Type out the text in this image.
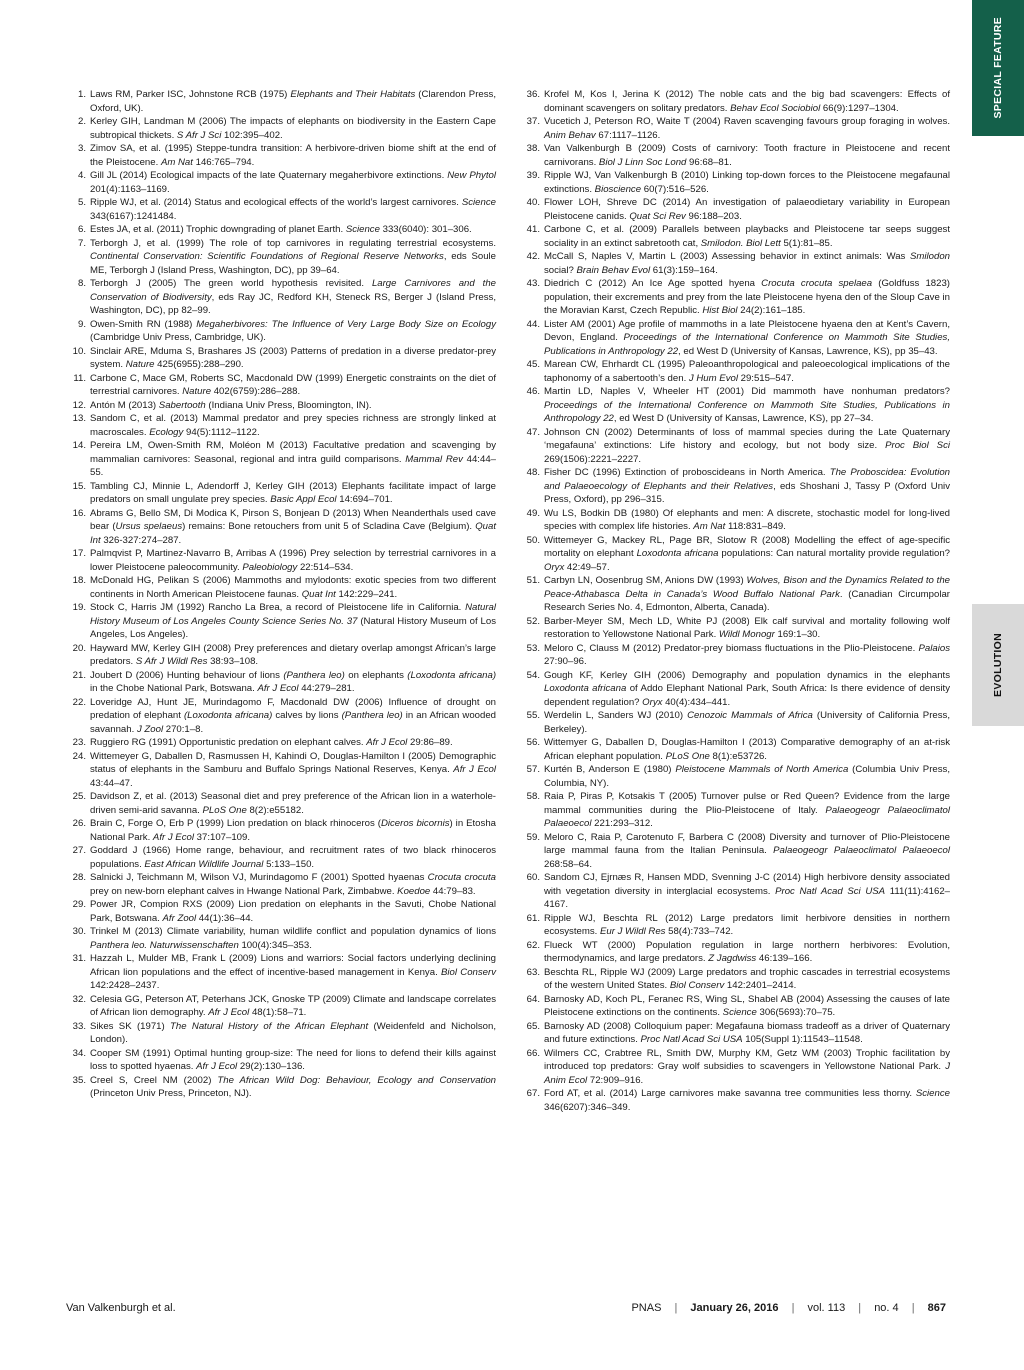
SPECIAL FEATURE
EVOLUTION
1. Laws RM, Parker ISC, Johnstone RCB (1975) Elephants and Their Habitats (Clarendon Press, Oxford, UK).
2. Kerley GIH, Landman M (2006) The impacts of elephants on biodiversity in the Eastern Cape subtropical thickets. S Afr J Sci 102:395–402.
3. Zimov SA, et al. (1995) Steppe-tundra transition: A herbivore-driven biome shift at the end of the Pleistocene. Am Nat 146:765–794.
4. Gill JL (2014) Ecological impacts of the late Quaternary megaherbivore extinctions. New Phytol 201(4):1163–1169.
5. Ripple WJ, et al. (2014) Status and ecological effects of the world’s largest carnivores. Science 343(6167):1241484.
6. Estes JA, et al. (2011) Trophic downgrading of planet Earth. Science 333(6040): 301–306.
7. Terborgh J, et al. (1999) The role of top carnivores in regulating terrestrial ecosystems. Continental Conservation: Scientific Foundations of Regional Reserve Networks, eds Soule ME, Terborgh J (Island Press, Washington, DC), pp 39–64.
8. Terborgh J (2005) The green world hypothesis revisited. Large Carnivores and the Conservation of Biodiversity, eds Ray JC, Redford KH, Steneck RS, Berger J (Island Press, Washington, DC), pp 82–99.
9. Owen-Smith RN (1988) Megaherbivores: The Influence of Very Large Body Size on Ecology (Cambridge Univ Press, Cambridge, UK).
10. Sinclair ARE, Mduma S, Brashares JS (2003) Patterns of predation in a diverse predator-prey system. Nature 425(6955):288–290.
11. Carbone C, Mace GM, Roberts SC, Macdonald DW (1999) Energetic constraints on the diet of terrestrial carnivores. Nature 402(6759):286–288.
12. Antón M (2013) Sabertooth (Indiana Univ Press, Bloomington, IN).
13. Sandom C, et al. (2013) Mammal predator and prey species richness are strongly linked at macroscales. Ecology 94(5):1112–1122.
14. Pereira LM, Owen-Smith RM, Moléon M (2013) Facultative predation and scavenging by mammalian carnivores: Seasonal, regional and intra guild comparisons. Mammal Rev 44:44–55.
15. Tambling CJ, Minnie L, Adendorff J, Kerley GIH (2013) Elephants facilitate impact of large predators on small ungulate prey species. Basic Appl Ecol 14:694–701.
16. Abrams G, Bello SM, Di Modica K, Pirson S, Bonjean D (2013) When Neanderthals used cave bear (Ursus spelaeus) remains: Bone retouchers from unit 5 of Scladina Cave (Belgium). Quat Int 326-327:274–287.
17. Palmqvist P, Martinez-Navarro B, Arribas A (1996) Prey selection by terrestrial carnivores in a lower Pleistocene paleocommunity. Paleobiology 22:514–534.
18. McDonald HG, Pelikan S (2006) Mammoths and mylodonts: exotic species from two different continents in North American Pleistocene faunas. Quat Int 142:229–241.
19. Stock C, Harris JM (1992) Rancho La Brea, a record of Pleistocene life in California. Natural History Museum of Los Angeles County Science Series No. 37 (Natural History Museum of Los Angeles, Los Angeles).
20. Hayward MW, Kerley GIH (2008) Prey preferences and dietary overlap amongst African’s large predators. S Afr J Wildl Res 38:93–108.
21. Joubert D (2006) Hunting behaviour of lions (Panthera leo) on elephants (Loxodonta africana) in the Chobe National Park, Botswana. Afr J Ecol 44:279–281.
22. Loveridge AJ, Hunt JE, Murindagomo F, Macdonald DW (2006) Influence of drought on predation of elephant (Loxodonta africana) calves by lions (Panthera leo) in an African wooded savannah. J Zool 270:1–8.
23. Ruggiero RG (1991) Opportunistic predation on elephant calves. Afr J Ecol 29:86–89.
24. Wittemeyer G, Daballen D, Rasmussen H, Kahindi O, Douglas-Hamilton I (2005) Demographic status of elephants in the Samburu and Buffalo Springs National Reserves, Kenya. Afr J Ecol 43:44–47.
25. Davidson Z, et al. (2013) Seasonal diet and prey preference of the African lion in a waterhole-driven semi-arid savanna. PLoS One 8(2):e55182.
26. Brain C, Forge O, Erb P (1999) Lion predation on black rhinoceros (Diceros bicornis) in Etosha National Park. Afr J Ecol 37:107–109.
27. Goddard J (1966) Home range, behaviour, and recruitment rates of two black rhinoceros populations. East African Wildlife Journal 5:133–150.
28. Salnicki J, Teichmann M, Wilson VJ, Murindagomo F (2001) Spotted hyaenas Crocuta crocuta prey on new-born elephant calves in Hwange National Park, Zimbabwe. Koedoe 44:79–83.
29. Power JR, Compion RXS (2009) Lion predation on elephants in the Savuti, Chobe National Park, Botswana. Afr Zool 44(1):36–44.
30. Trinkel M (2013) Climate variability, human wildlife conflict and population dynamics of lions Panthera leo. Naturwissenschaften 100(4):345–353.
31. Hazzah L, Mulder MB, Frank L (2009) Lions and warriors: Social factors underlying declining African lion populations and the effect of incentive-based management in Kenya. Biol Conserv 142:2428–2437.
32. Celesia GG, Peterson AT, Peterhans JCK, Gnoske TP (2009) Climate and landscape correlates of African lion demography. Afr J Ecol 48(1):58–71.
33. Sikes SK (1971) The Natural History of the African Elephant (Weidenfeld and Nicholson, London).
34. Cooper SM (1991) Optimal hunting group-size: The need for lions to defend their kills against loss to spotted hyaenas. Afr J Ecol 29(2):130–136.
35. Creel S, Creel NM (2002) The African Wild Dog: Behaviour, Ecology and Conservation (Princeton Univ Press, Princeton, NJ).
36. Krofel M, Kos I, Jerina K (2012) The noble cats and the big bad scavengers: Effects of dominant scavengers on solitary predators. Behav Ecol Sociobiol 66(9):1297–1304.
37. Vucetich J, Peterson RO, Waite T (2004) Raven scavenging favours group foraging in wolves. Anim Behav 67:1117–1126.
38. Van Valkenburgh B (2009) Costs of carnivory: Tooth fracture in Pleistocene and recent carnivorans. Biol J Linn Soc Lond 96:68–81.
39. Ripple WJ, Van Valkenburgh B (2010) Linking top-down forces to the Pleistocene megafaunal extinctions. Bioscience 60(7):516–526.
40. Flower LOH, Shreve DC (2014) An investigation of palaeodietary variability in European Pleistocene canids. Quat Sci Rev 96:188–203.
41. Carbone C, et al. (2009) Parallels between playbacks and Pleistocene tar seeps suggest sociality in an extinct sabretooth cat, Smilodon. Biol Lett 5(1):81–85.
42. McCall S, Naples V, Martin L (2003) Assessing behavior in extinct animals: Was Smilodon social? Brain Behav Evol 61(3):159–164.
43. Diedrich C (2012) An Ice Age spotted hyena Crocuta crocuta spelaea (Goldfuss 1823) population, their excrements and prey from the late Pleistocene hyena den of the Sloup Cave in the Moravian Karst, Czech Republic. Hist Biol 24(2):161–185.
44. Lister AM (2001) Age profile of mammoths in a late Pleistocene hyaena den at Kent’s Cavern, Devon, England. Proceedings of the International Conference on Mammoth Site Studies, Publications in Anthropology 22, ed West D (University of Kansas, Lawrence, KS), pp 35–43.
45. Marean CW, Ehrhardt CL (1995) Paleoanthropological and paleoecological implications of the taphonomy of a sabertooth’s den. J Hum Evol 29:515–547.
46. Martin LD, Naples V, Wheeler HT (2001) Did mammoth have nonhuman predators? Proceedings of the International Conference on Mammoth Site Studies, Publications in Anthropology 22, ed West D (University of Kansas, Lawrence, KS), pp 27–34.
47. Johnson CN (2002) Determinants of loss of mammal species during the Late Quaternary ‘megafauna’ extinctions: Life history and ecology, but not body size. Proc Biol Sci 269(1506):2221–2227.
48. Fisher DC (1996) Extinction of proboscideans in North America. The Proboscidea: Evolution and Palaeoecology of Elephants and their Relatives, eds Shoshani J, Tassy P (Oxford Univ Press, Oxford), pp 296–315.
49. Wu LS, Bodkin DB (1980) Of elephants and men: A discrete, stochastic model for long-lived species with complex life histories. Am Nat 118:831–849.
50. Wittemeyer G, Mackey RL, Page BR, Slotow R (2008) Modelling the effect of age-specific mortality on elephant Loxodonta africana populations: Can natural mortality provide regulation? Oryx 42:49–57.
51. Carbyn LN, Oosenbrug SM, Anions DW (1993) Wolves, Bison and the Dynamics Related to the Peace-Athabasca Delta in Canada’s Wood Buffalo National Park. (Canadian Circumpolar Research Series No. 4, Edmonton, Alberta, Canada).
52. Barber-Meyer SM, Mech LD, White PJ (2008) Elk calf survival and mortality following wolf restoration to Yellowstone National Park. Wildl Monogr 169:1–30.
53. Meloro C, Clauss M (2012) Predator-prey biomass fluctuations in the Plio-Pleistocene. Palaios 27:90–96.
54. Gough KF, Kerley GIH (2006) Demography and population dynamics in the elephants Loxodonta africana of Addo Elephant National Park, South Africa: Is there evidence of density dependent regulation? Oryx 40(4):434–441.
55. Werdelin L, Sanders WJ (2010) Cenozoic Mammals of Africa (University of California Press, Berkeley).
56. Wittemyer G, Daballen D, Douglas-Hamilton I (2013) Comparative demography of an at-risk African elephant population. PLoS One 8(1):e53726.
57. Kurtén B, Anderson E (1980) Pleistocene Mammals of North America (Columbia Univ Press, Columbia, NY).
58. Raia P, Piras P, Kotsakis T (2005) Turnover pulse or Red Queen? Evidence from the large mammal communities during the Plio-Pleistocene of Italy. Palaeogeogr Palaeoclimatol Palaeoecol 221:293–312.
59. Meloro C, Raia P, Carotenuto F, Barbera C (2008) Diversity and turnover of Plio-Pleistocene large mammal fauna from the Italian Peninsula. Palaeogeogr Palaeoclimatol Palaeoecol 268:58–64.
60. Sandom CJ, Ejrnæs R, Hansen MDD, Svenning J-C (2014) High herbivore density associated with vegetation diversity in interglacial ecosystems. Proc Natl Acad Sci USA 111(11):4162–4167.
61. Ripple WJ, Beschta RL (2012) Large predators limit herbivore densities in northern ecosystems. Eur J Wildl Res 58(4):733–742.
62. Flueck WT (2000) Population regulation in large northern herbivores: Evolution, thermodynamics, and large predators. Z Jagdwiss 46:139–166.
63. Beschta RL, Ripple WJ (2009) Large predators and trophic cascades in terrestrial ecosystems of the western United States. Biol Conserv 142:2401–2414.
64. Barnosky AD, Koch PL, Feranec RS, Wing SL, Shabel AB (2004) Assessing the causes of late Pleistocene extinctions on the continents. Science 306(5693):70–75.
65. Barnosky AD (2008) Colloquium paper: Megafauna biomass tradeoff as a driver of Quaternary and future extinctions. Proc Natl Acad Sci USA 105(Suppl 1):11543–11548.
66. Wilmers CC, Crabtree RL, Smith DW, Murphy KM, Getz WM (2003) Trophic facilitation by introduced top predators: Gray wolf subsidies to scavengers in Yellowstone National Park. J Anim Ecol 72:909–916.
67. Ford AT, et al. (2014) Large carnivores make savanna tree communities less thorny. Science 346(6207):346–349.
Van Valkenburgh et al.	PNAS | January 26, 2016 | vol. 113 | no. 4 | 867
